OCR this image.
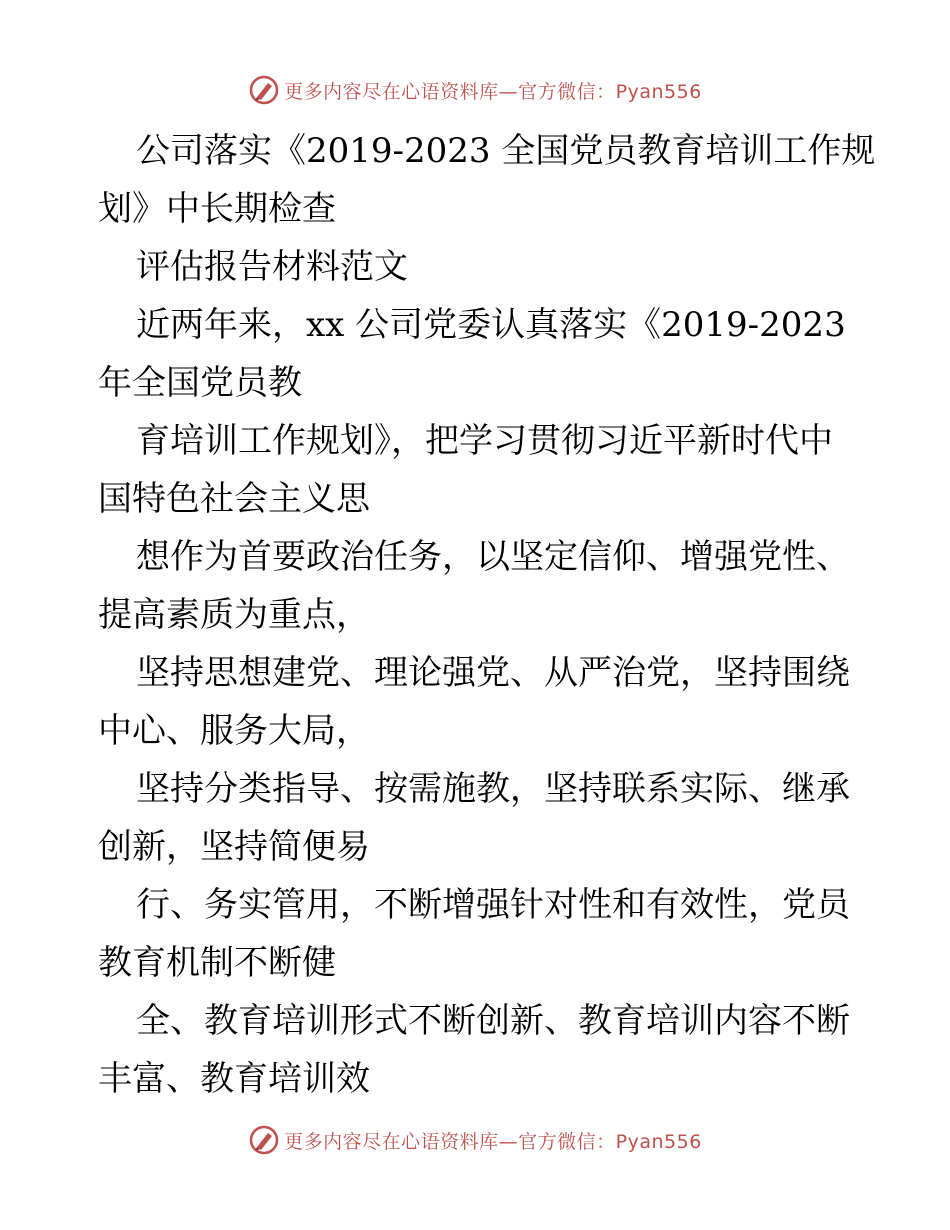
更多内容尽在心语资料库—官方微信：Pyan556
公司落实《2019-2023 全国党员教育培训工作规
划》中长期检查
评估报告材料范文
近两年来，xx 公司党委认真落实《2019-2023
年全国党员教
育培训工作规划》，把学习贯彻习近平新时代中
国特色社会主义思
想作为首要政治任务，以坚定信仰、增强党性、
提高素质为重点，
坚持思想建党、理论强党、从严治党，坚持围绕
中心、服务大局，
坚持分类指导、按需施教，坚持联系实际、继承
创新，坚持简便易
行、务实管用，不断增强针对性和有效性，党员
教育机制不断健
全、教育培训形式不断创新、教育培训内容不断
丰富、教育培训效
更多内容尽在心语资料库—官方微信：Pyan556
